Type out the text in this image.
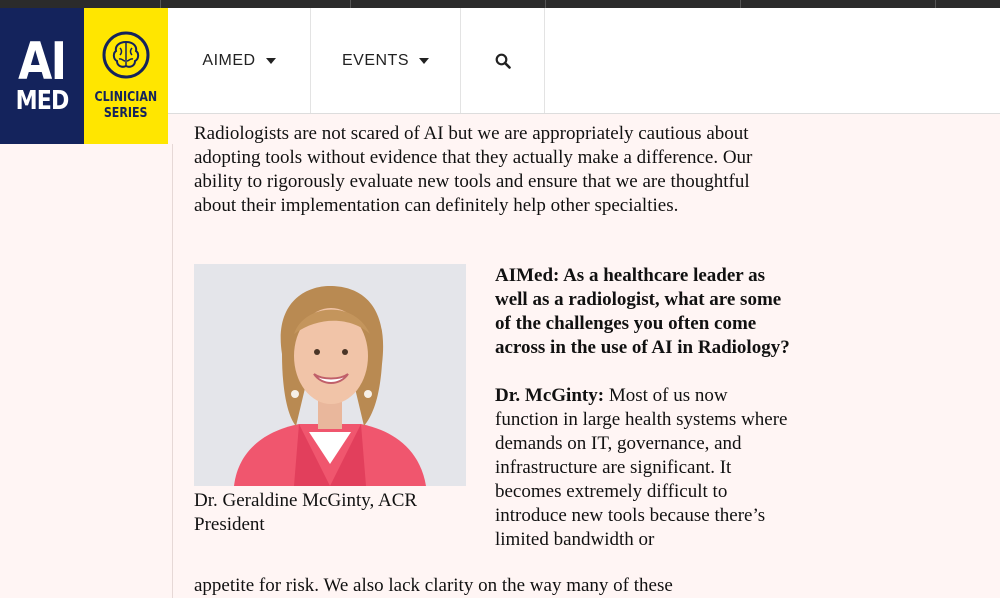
AI
MED CLINICIAN
SERIES
AIMED	EVENTS

Radiologists are not scared of AI but we are appropriately cautious about adopting tools without evidence that they actually make a difference. Our ability to rigorously evaluate new tools and ensure that we are thoughtful about their implementation can definitely help other specialties.

Dr. Geraldine McGinty, ACR President

AIMed: As a healthcare leader as well as a radiologist, what are some of the challenges you often come across in the use of AI in Radiology?

Dr. McGinty: Most of us now function in large health systems where demands on IT, governance, and infrastructure are significant. It becomes extremely difficult to introduce new tools because there’s limited bandwidth or

appetite for risk. We also lack clarity on the way many of these
